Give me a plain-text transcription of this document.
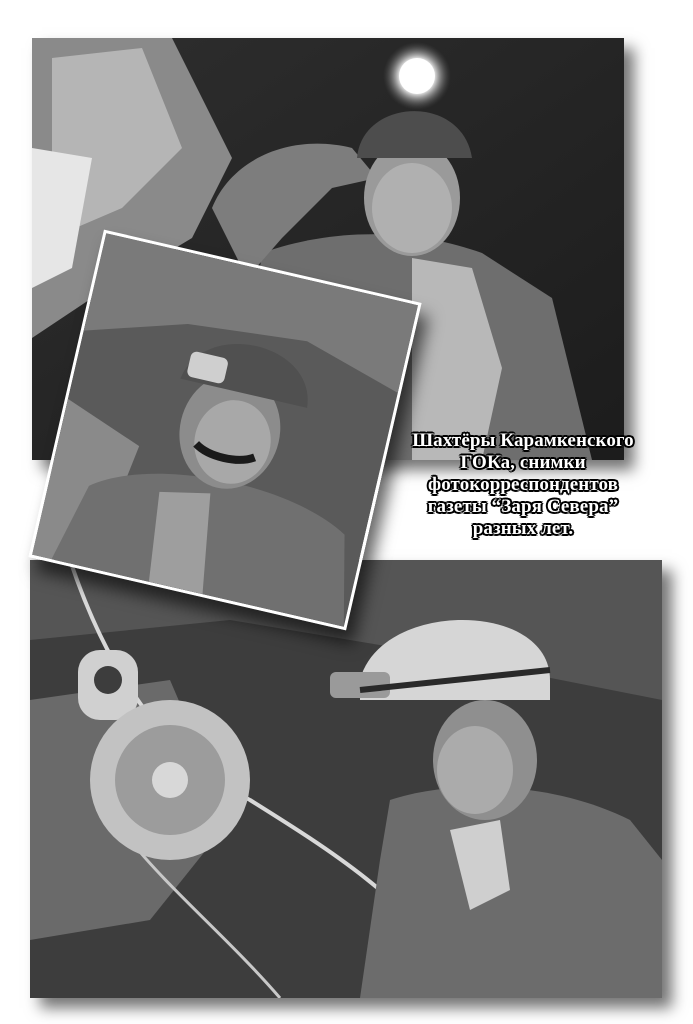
Шахтёры Карамкенского
ГОКа, снимки
фотокорреспондентов
газеты “Заря Севера”
разных лет.
